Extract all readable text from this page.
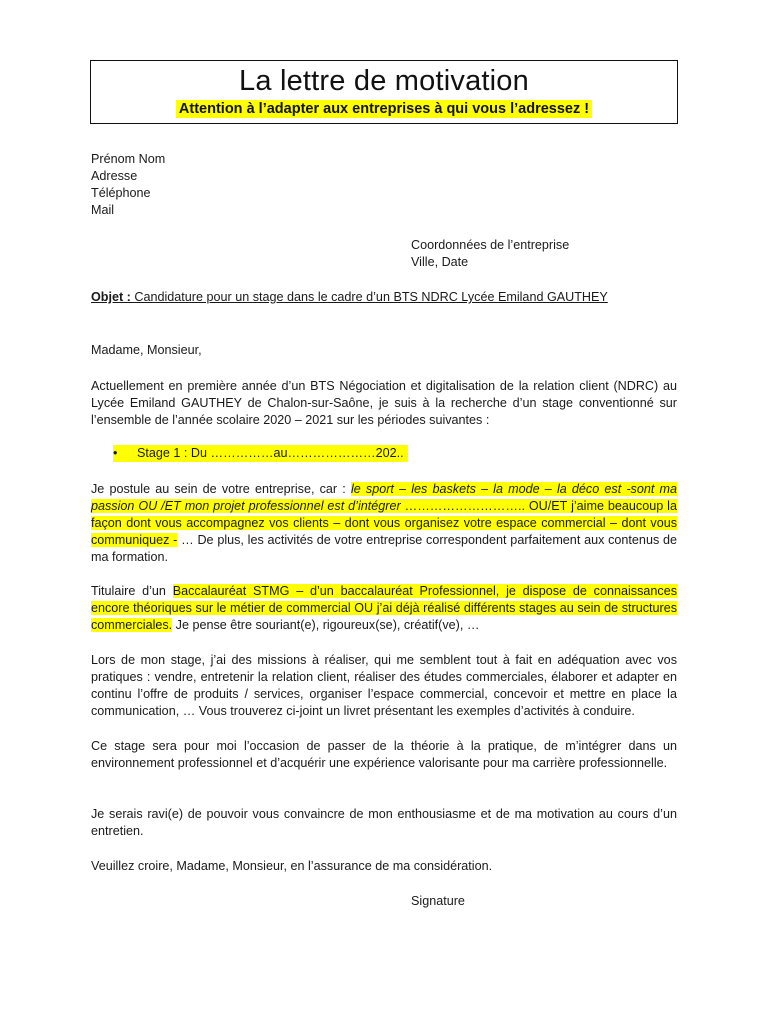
La lettre de motivation
Attention à l’adapter aux entreprises à qui vous l’adressez !
Prénom Nom
Adresse
Téléphone
Mail
Coordonnées de l’entreprise
Ville, Date
Objet : Candidature pour un stage dans le cadre d’un BTS NDRC Lycée Emiland GAUTHEY
Madame, Monsieur,
Actuellement en première année d’un BTS Négociation et digitalisation de la relation client (NDRC) au Lycée Emiland GAUTHEY de Chalon-sur-Saône, je suis à la recherche d’un stage conventionné sur l’ensemble de l’année scolaire 2020 – 2021 sur les périodes suivantes :
• Stage 1 : Du ……………au…………………202..
Je postule au sein de votre entreprise, car : le sport – les baskets – la mode – la déco est -sont ma passion OU /ET mon projet professionnel est d’intégrer ……………………….. OU/ET j’aime beaucoup la façon dont vous accompagnez vos clients – dont vous organisez votre espace commercial – dont vous communiquez - … De plus, les activités de votre entreprise correspondent parfaitement aux contenus de ma formation.
Titulaire d’un Baccalauréat STMG – d’un baccalauréat Professionnel, je dispose de connaissances encore théoriques sur le métier de commercial OU j’ai déjà réalisé différents stages au sein de structures commerciales. Je pense être souriant(e), rigoureux(se), créatif(ve), …
Lors de mon stage, j’ai des missions à réaliser, qui me semblent tout à fait en adéquation avec vos pratiques : vendre, entretenir la relation client, réaliser des études commerciales, élaborer et adapter en continu l’offre de produits / services, organiser l’espace commercial, concevoir et mettre en place la communication, … Vous trouverez ci-joint un livret présentant les exemples d’activités à conduire.
Ce stage sera pour moi l’occasion de passer de la théorie à la pratique, de m’intégrer dans un environnement professionnel et d’acquérir une expérience valorisante pour ma carrière professionnelle.
Je serais ravi(e) de pouvoir vous convaincre de mon enthousiasme et de ma motivation au cours d’un entretien.
Veuillez croire, Madame, Monsieur, en l’assurance de ma considération.
Signature
